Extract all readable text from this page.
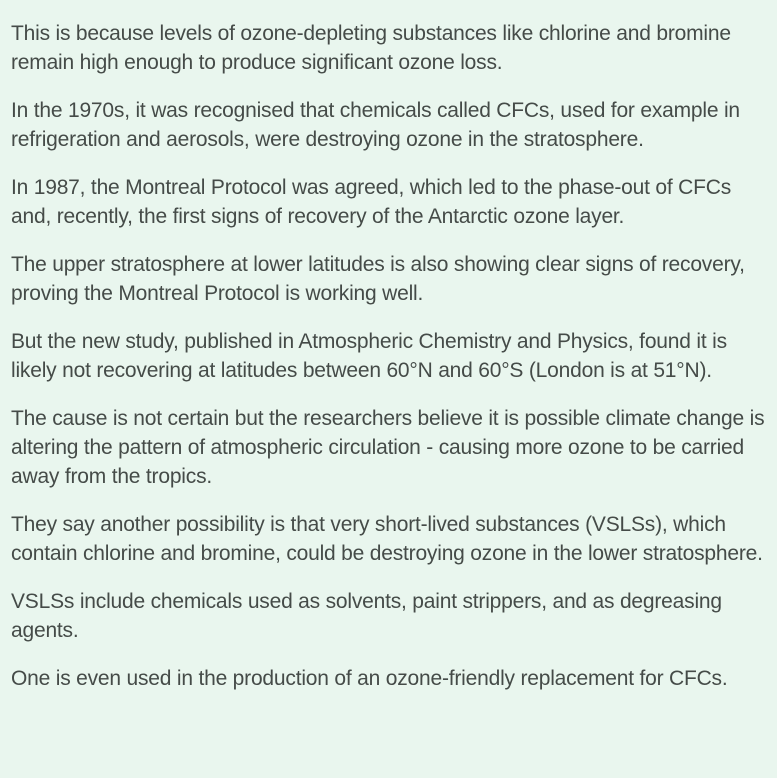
This is because levels of ozone-depleting substances like chlorine and bromine remain high enough to produce significant ozone loss.

In the 1970s, it was recognised that chemicals called CFCs, used for example in refrigeration and aerosols, were destroying ozone in the stratosphere.

In 1987, the Montreal Protocol was agreed, which led to the phase-out of CFCs and, recently, the first signs of recovery of the Antarctic ozone layer.

The upper stratosphere at lower latitudes is also showing clear signs of recovery, proving the Montreal Protocol is working well.

But the new study, published in Atmospheric Chemistry and Physics, found it is likely not recovering at latitudes between 60°N and 60°S (London is at 51°N).

The cause is not certain but the researchers believe it is possible climate change is altering the pattern of atmospheric circulation - causing more ozone to be carried away from the tropics.

They say another possibility is that very short-lived substances (VSLSs), which contain chlorine and bromine, could be destroying ozone in the lower stratosphere.

VSLSs include chemicals used as solvents, paint strippers, and as degreasing agents.

One is even used in the production of an ozone-friendly replacement for CFCs.
